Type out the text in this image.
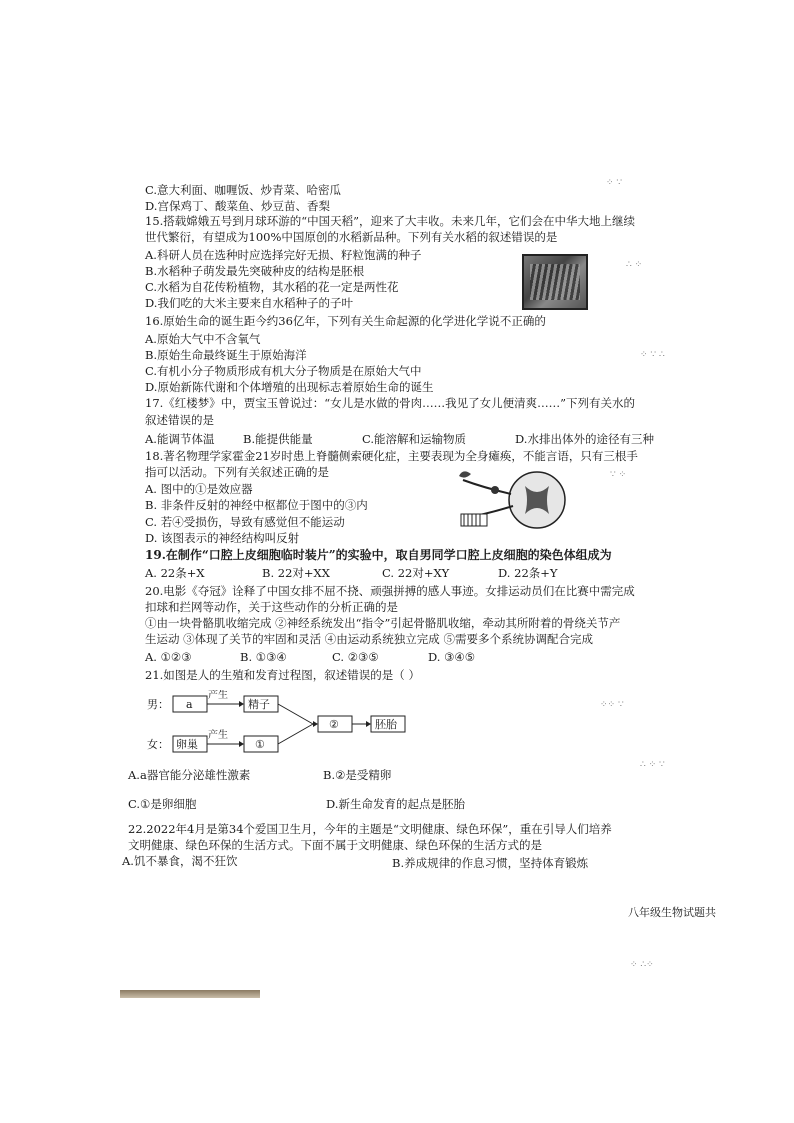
C.意大利面、咖喱饭、炒青菜、哈密瓜
D.宫保鸡丁、酸菜鱼、炒豆苗、香梨
15.搭载嫦娥五号到月球环游的“中国天稻”，迎来了大丰收。未来几年，它们会在中华大地上继续
世代繁衍，有望成为100%中国原创的水稻新品种。下列有关水稻的叙述错误的是
A.科研人员在选种时应选择完好无损、籽粒饱满的种子
B.水稻种子萌发最先突破种皮的结构是胚根
C.水稻为自花传粉植物，其水稻的花一定是两性花
D.我们吃的大米主要来自水稻种子的子叶
16.原始生命的诞生距今约36亿年，下列有关生命起源的化学进化学说不正确的
A.原始大气中不含氧气
B.原始生命最终诞生于原始海洋
C.有机小分子物质形成有机大分子物质是在原始大气中
D.原始新陈代谢和个体增殖的出现标志着原始生命的诞生
17.《红楼梦》中，贾宝玉曾说过：“女儿是水做的骨肉……我见了女儿便清爽……”下列有关水的
叙述错误的是
A.能调节体温 B.能提供能量	C.能溶解和运输物质	D.水排出体外的途径有三种
18.著名物理学家霍金21岁时患上脊髓侧索硬化症，主要表现为全身瘫痪，不能言语，只有三根手
指可以活动。下列有关叙述正确的是
A. 图中的①是效应器
B. 非条件反射的神经中枢都位于图中的③内
C. 若④受损伤，导致有感觉但不能运动
D. 该图表示的神经结构叫反射
19.在制作“口腔上皮细胞临时装片”的实验中，取自男同学口腔上皮细胞的染色体组成为
A. 22条+X	B. 22对+XX	C. 22对+XY	D. 22条+Y
20.电影《夺冠》诠释了中国女排不屈不挠、顽强拼搏的感人事迹。女排运动员们在比赛中需完成
扣球和拦网等动作，关于这些动作的分析正确的是
①由一块骨骼肌收缩完成 ②神经系统发出“指令”引起骨骼肌收缩，牵动其所附着的骨绕关节产
生运动 ③体现了关节的牢固和灵活 ④由运动系统独立完成 ⑤需要多个系统协调配合完成
A. ①②③	B. ①③④	C. ②③⑤	D. ③④⑤
21.如图是人的生殖和发育过程图，叙述错误的是（ ）
男： a
产生
精子
女： 卵巢
产生
①
②	胚胎
A.a器官能分泌雄性激素	B.②是受精卵
C.①是卵细胞	D.新生命发育的起点是胚胎
22.2022年4月是第34个爱国卫生月，今年的主题是“文明健康、绿色环保”，重在引导人们培养
文明健康、绿色环保的生活方式。下面不属于文明健康、绿色环保的生活方式的是
A.饥不暴食，渴不狂饮	B.养成规律的作息习惯，坚持体育锻炼
八年级生物试题共
⁘ ∵
∴ ⁘
⁘ ∵ ∴
∵ ⁘
⁘⁘ ∵
∴ ⁘ ∵
⁘ ∴⁘
